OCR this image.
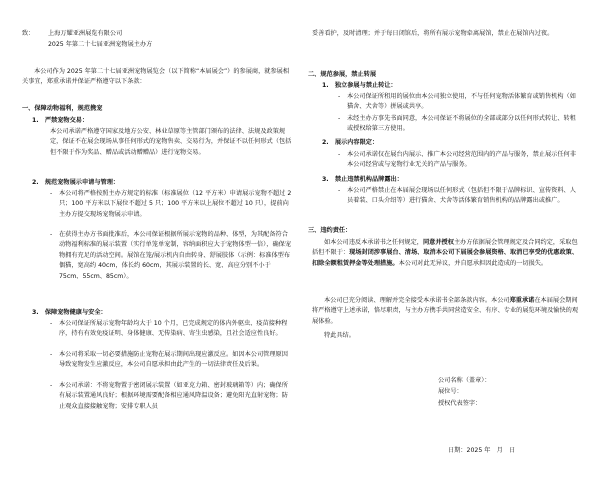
致： 上海万耀亚洲展览有限公司
2025 年第二十七届亚洲宠物展主办方
本公司作为 2025 年第二十七届亚洲宠物展览会（以下简称“本届展会”）的参展商，就参展相关事宜，郑重承诺并保证严格遵守以下条款：
一、保障动物福利，规范携宠
1.　严禁宠物交易：
本公司承诺严格遵守国家及地方公安、林业草原等主管部门颁布的法律、法规及政策规定，保证不在展会现场从事任何形式的宠物售卖、交易行为，并保证不以任何形式（包括但不限于作为奖品、赠品或活动赠赠品）进行宠物交易。
2.　规范宠物展示申请与管理：
- 本公司将严格按照主办方规定的标准（标准展位（12 平方米）申请展示宠物不超过 2 只；100 平方米以下展位不超过 5 只；100 平方米以上展位不超过 10 只），提前向主办方提交现场宠物展示申请。
- 在获得主办方书面批准后，本公司保证根据所展示宠物的品种、体型，为其配备符合动物福利标准的展示装置（实行单笼单宠制，容纳面积应大于宠物体型一倍），确保宠物拥有充足的活动空间。展馆在笼/展示机内自由转身、舒展肢体（示例：标准体型布偶猫，宽高约 40cm，体长约 60cm，其展示装置的长、宽、高应分别不小于 75cm、55cm、85cm）。
3.　保障宠物健康与安全：
- 本公司保证所展示宠物年龄均大于 10 个月，已完成规定的体内外驱虫、疫苗接种程序，持有有效免疫证明、身体健康、无传染病、寄生虫感染，且社会适应性良好。
- 本公司将采取一切必要措施防止宠物在展示期间出现应激反应。如因本公司管理原因导致宠物发生应激反应，本公司自愿承担由此产生的一切法律责任及后果。
- 本公司承诺：不将宠物置于密闭展示装置（如亚克力箱、密封玻璃箱等）内；确保所有展示装置通风良好；根据环境需要配备相应通风降温设备；避免阳光直射宠物；防止观众直接接触宠物；安排专职人员
妥善看护，及时清理；并于每日闭馆后，将所有展示宠物牵离展馆，禁止在展馆内过夜。
二、规范参展，禁止转展
1.　独立参展与禁止转让：
- 本公司保证所租用的展位由本公司独立使用，不与任何宠物活体繁育或销售机构（如猫舍、犬舍等）拼展或共享。
- 未经主办方事先书面同意，本公司保证不将展位的全部或部分以任何形式转让、转租或授权给第三方使用。
2.　展示内容限定：
- 本公司承诺仅在展台内展示、推广本公司经营范围内的产品与服务，禁止展示任何非本公司经营或与宠物行业无关的产品与服务。
3.　禁止违禁机构品牌露出：
- 本公司严格禁止在本届展会现场以任何形式（包括但不限于品牌标识、宣传资料、人员着装、口头介绍等）进行猫舍、犬舍等活体繁育销售机构的品牌露出或推广。
三、违约责任：
如本公司违反本承诺书之任何规定，同意并授权主办方依据展会管理规定及合同约定，采取包括但不限于：现场封闭涉事展台、清场、取消本公司下届展会参展资格、取消已享受的优惠政策、扣除全额租赁押金等处理措施。本公司对此无异议，并自愿承担因此造成的一切损失。
本公司已充分阅读、理解并完全接受本承诺书全部条款内容。本公司郑重承诺在本届展会期间将严格遵守上述承诺，恪尽职责，与主办方携手共同营造安全、有序、专业的展览环境及愉快的观展体验。
特此具结。
公司名称（盖章）：
展位号：
授权代表签字：
日期：2025 年　月　日
